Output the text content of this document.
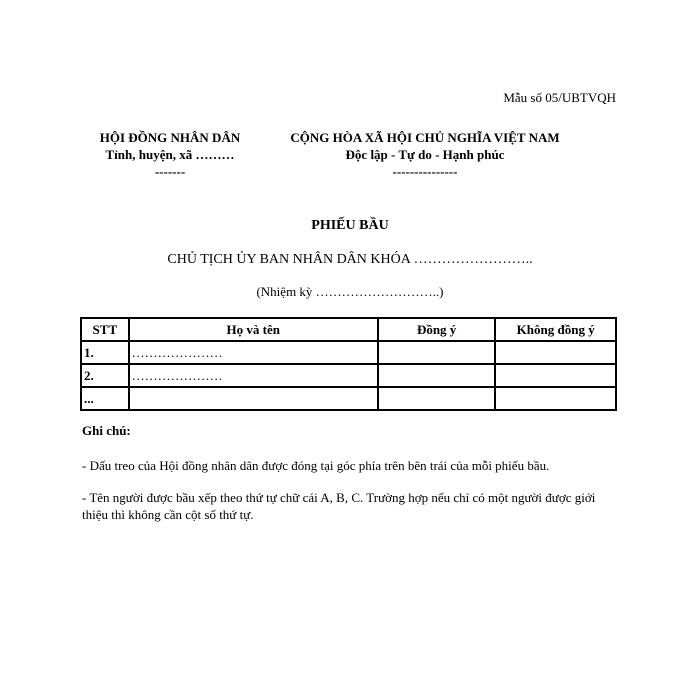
Mẫu số 05/UBTVQH
HỘI ĐỒNG NHÂN DÂN
Tỉnh, huyện, xã ………
-------
CỘNG HÒA XÃ HỘI CHỦ NGHĨA VIỆT NAM
Độc lập - Tự do - Hạnh phúc
---------------
PHIẾU BẦU
CHỦ TỊCH ỦY BAN NHÂN DÂN KHÓA ……………………..
(Nhiệm kỳ ………………………..)
STT	Họ và tên	Đồng ý	Không đồng ý
1.	…………………		
2.	…………………		
...			
Ghi chú:
- Dấu treo của Hội đồng nhân dân được đóng tại góc phía trên bên trái của mỗi phiếu bầu.
- Tên người được bầu xếp theo thứ tự chữ cái A, B, C. Trường hợp nếu chỉ có một người được giới thiệu thì không cần cột số thứ tự.
